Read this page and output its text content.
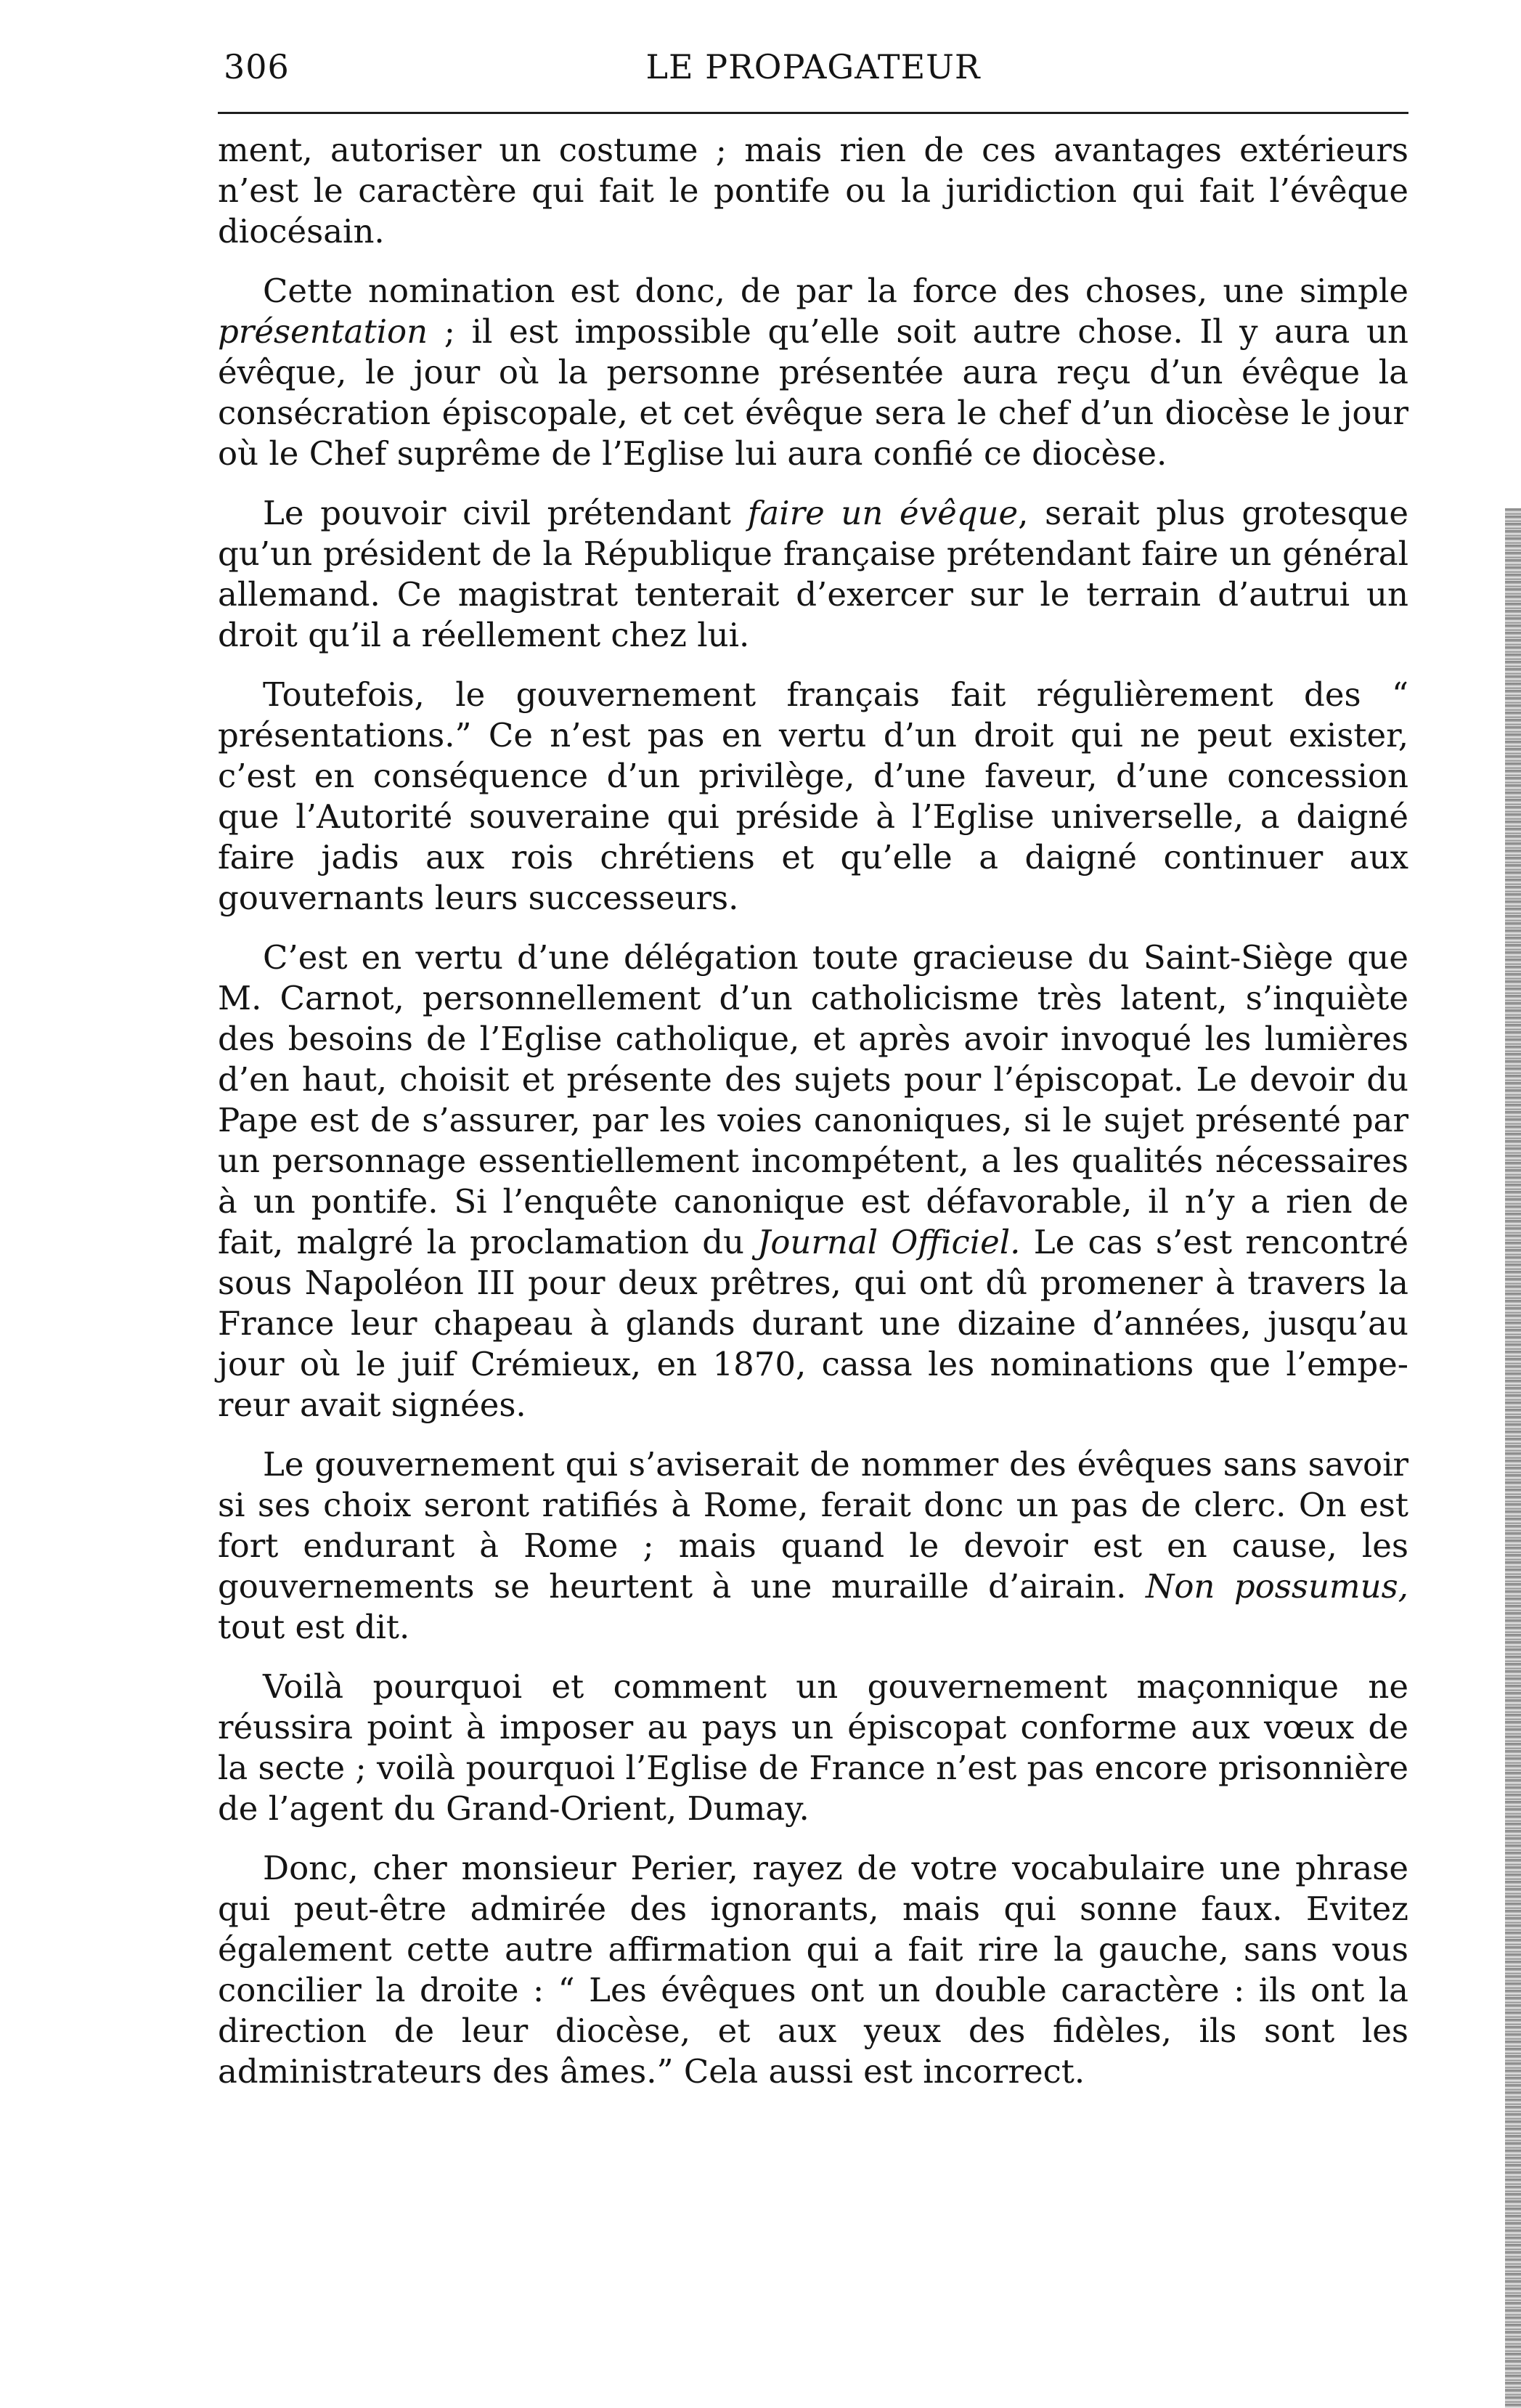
306	LE PROPAGATEUR

ment, autoriser un costume ; mais rien de ces avantages extérieurs n’est le caractère qui fait le pontife ou la juridiction qui fait l’évêque diocésain.

Cette nomination est donc, de par la force des choses, une simple présentation ; il est impossible qu’elle soit autre chose. Il y aura un évêque, le jour où la personne présentée aura reçu d’un évêque la consécration épiscopale, et cet évêque sera le chef d’un diocèse le jour où le Chef suprême de l’Eglise lui aura confié ce diocèse.

Le pouvoir civil prétendant faire un évêque, serait plus grotesque qu’un président de la République française prétendant faire un général allemand. Ce magistrat tenterait d’exercer sur le terrain d’autrui un droit qu’il a réellement chez lui.

Toutefois, le gouvernement français fait régulièrement des “ présentations.” Ce n’est pas en vertu d’un droit qui ne peut exister, c’est en conséquence d’un privilège, d’une faveur, d’une concession que l’Autorité souveraine qui préside à l’Eglise universelle, a daigné faire jadis aux rois chrétiens et qu’elle a daigné continuer aux gouvernants leurs successeurs.

C’est en vertu d’une délégation toute gracieuse du Saint-Siège que M. Carnot, personnellement d’un catholicisme très latent, s’inquiète des besoins de l’Eglise catholique, et après avoir invoqué les lumières d’en haut, choisit et présente des sujets pour l’épiscopat. Le devoir du Pape est de s’assurer, par les voies canoniques, si le sujet présenté par un personnage essentiellement incompétent, a les qualités nécessaires à un pontife. Si l’enquête canonique est défavorable, il n’y a rien de fait, malgré la proclamation du Journal Officiel. Le cas s’est rencontré sous Napoléon III pour deux prêtres, qui ont dû promener à travers la France leur chapeau à glands durant une dizaine d’années, jusqu’au jour où le juif Crémieux, en 1870, cassa les nominations que l’empereur avait signées.

Le gouvernement qui s’aviserait de nommer des évêques sans savoir si ses choix seront ratifiés à Rome, ferait donc un pas de clerc. On est fort endurant à Rome ; mais quand le devoir est en cause, les gouvernements se heurtent à une muraille d’airain. Non possumus, tout est dit.

Voilà pourquoi et comment un gouvernement maçonnique ne réussira point à imposer au pays un épiscopat conforme aux vœux de la secte ; voilà pourquoi l’Eglise de France n’est pas encore prisonnière de l’agent du Grand-Orient, Dumay.

Donc, cher monsieur Perier, rayez de votre vocabulaire une phrase qui peut-être admirée des ignorants, mais qui sonne faux. Evitez également cette autre affirmation qui a fait rire la gauche, sans vous concilier la droite : “ Les évêques ont un double caractère : ils ont la direction de leur diocèse, et aux yeux des fidèles, ils sont les administrateurs des âmes.” Cela aussi est incorrect.
